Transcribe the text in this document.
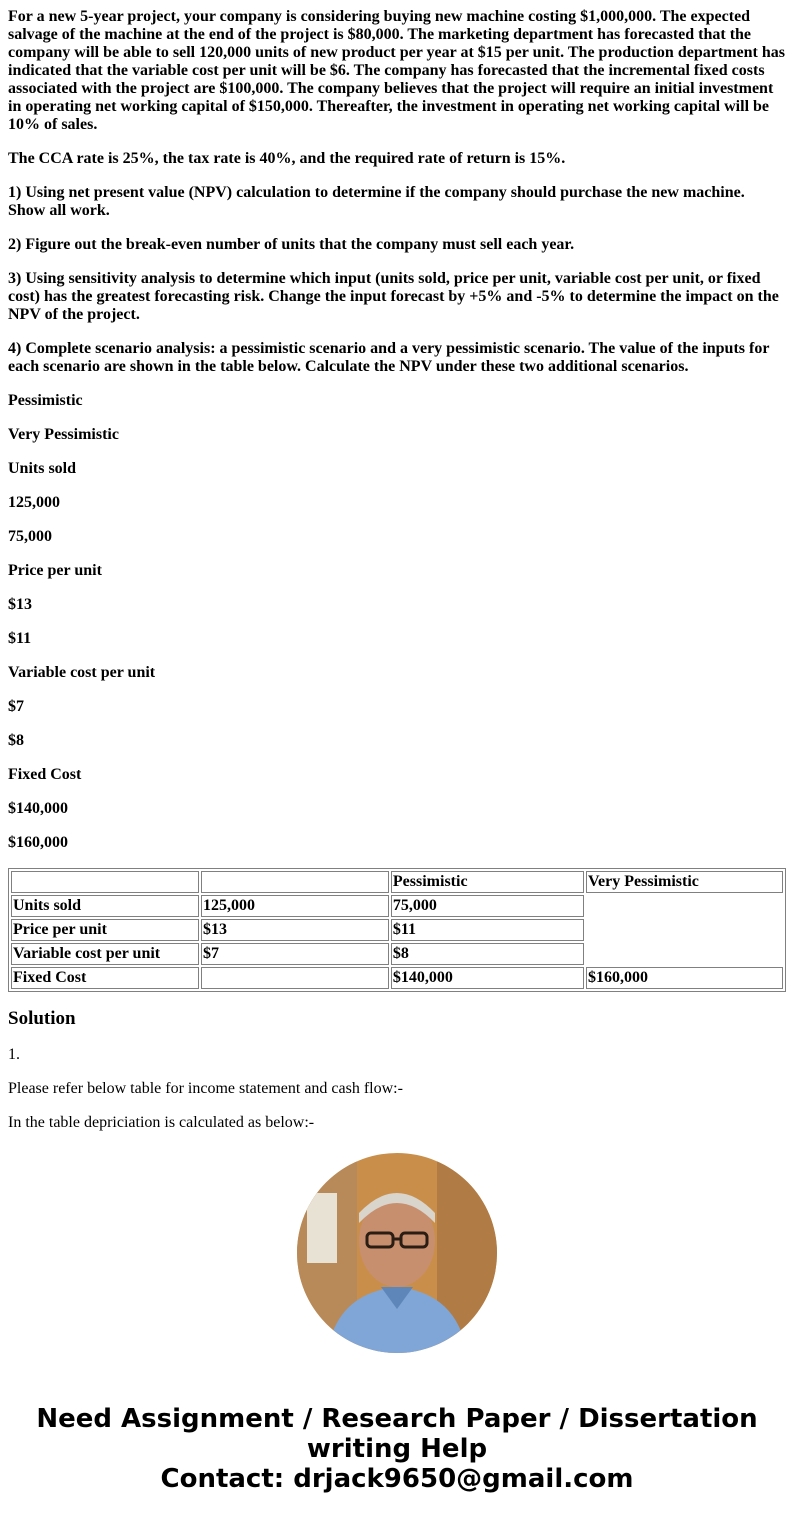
For a new 5-year project, your company is considering buying new machine costing $1,000,000. The expected salvage of the machine at the end of the project is $80,000. The marketing department has forecasted that the company will be able to sell 120,000 units of new product per year at $15 per unit. The production department has indicated that the variable cost per unit will be $6. The company has forecasted that the incremental fixed costs associated with the project are $100,000. The company believes that the project will require an initial investment in operating net working capital of $150,000. Thereafter, the investment in operating net working capital will be 10% of sales.

The CCA rate is 25%, the tax rate is 40%, and the required rate of return is 15%.

1) Using net present value (NPV) calculation to determine if the company should purchase the new machine. Show all work.

2) Figure out the break-even number of units that the company must sell each year.

3) Using sensitivity analysis to determine which input (units sold, price per unit, variable cost per unit, or fixed cost) has the greatest forecasting risk. Change the input forecast by +5% and -5% to determine the impact on the NPV of the project.

4) Complete scenario analysis: a pessimistic scenario and a very pessimistic scenario. The value of the inputs for each scenario are shown in the table below. Calculate the NPV under these two additional scenarios.

Pessimistic

Very Pessimistic

Units sold

125,000

75,000

Price per unit

$13

$11

Variable cost per unit

$7

$8

Fixed Cost

$140,000

$160,000

		Pessimistic	Very Pessimistic
Units sold	125,000	75,000	
Price per unit	$13	$11	
Variable cost per unit	$7	$8	
Fixed Cost		$140,000	$160,000
Solution

1.

Please refer below table for income statement and cash flow:-

In the table depriciation is calculated as below:-

Need Assignment / Research Paper / Dissertation
writing Help
Contact: drjack9650@gmail.com
